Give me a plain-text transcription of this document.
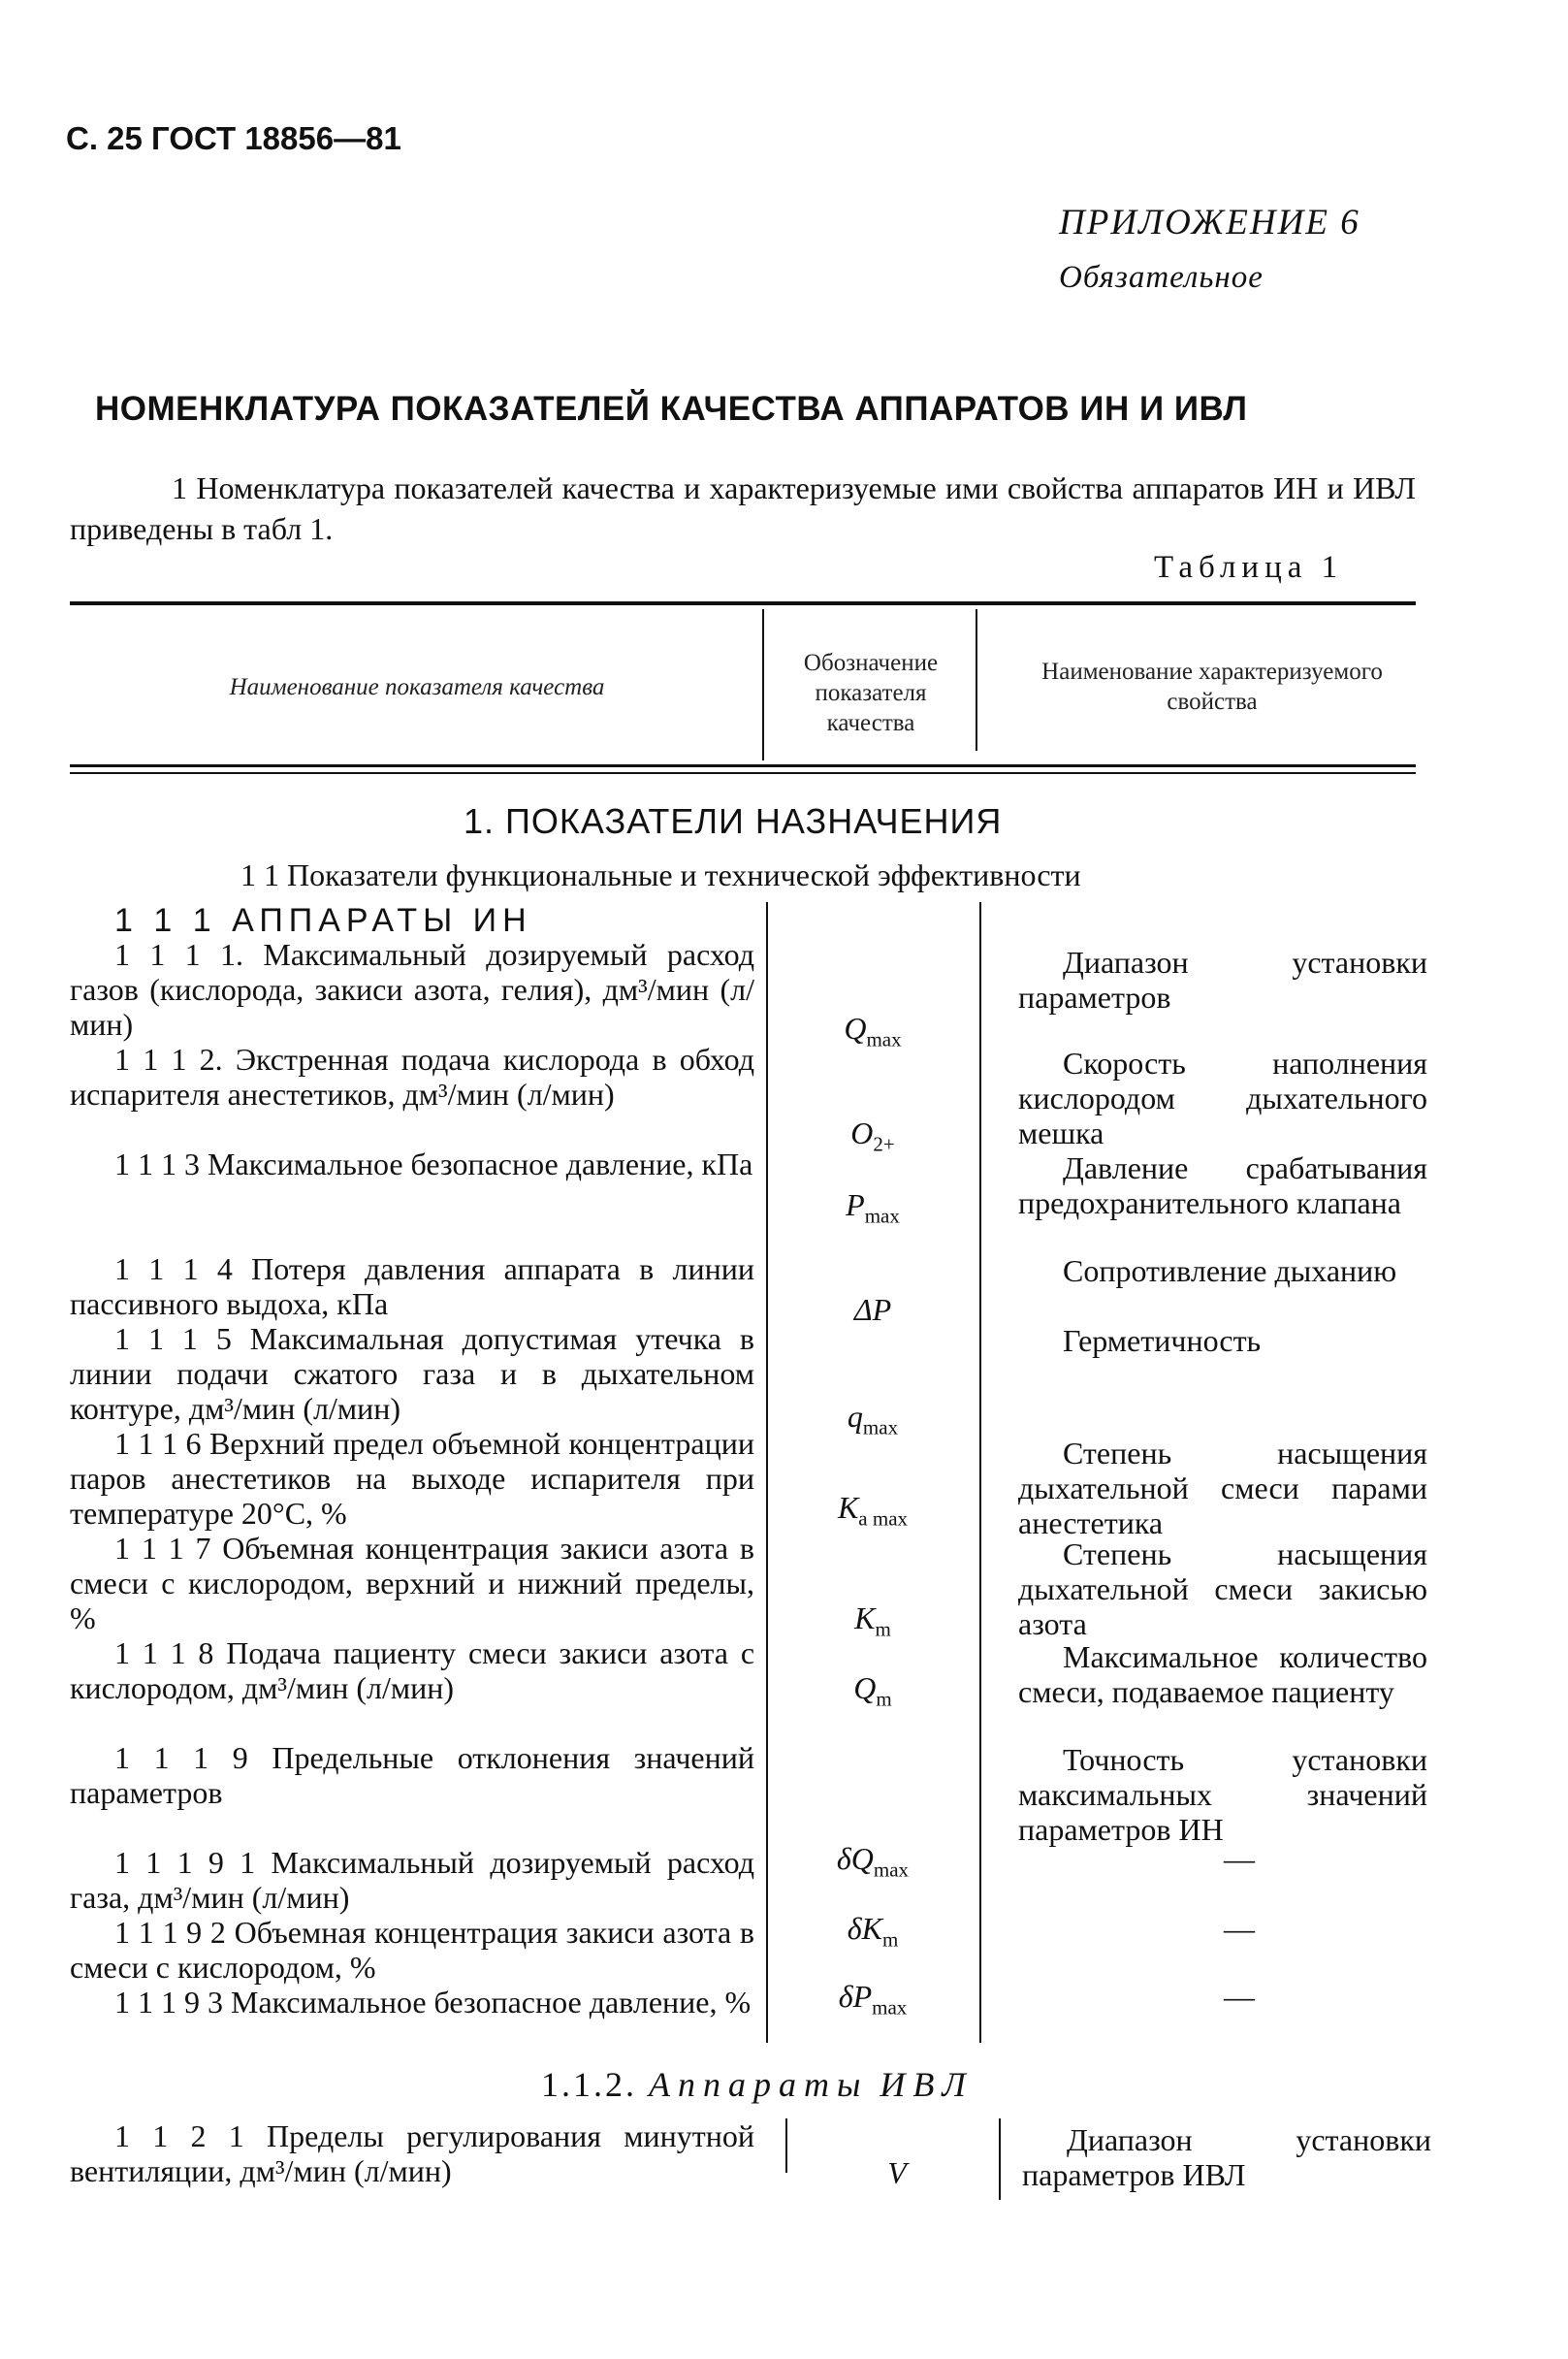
С. 25 ГОСТ 18856—81
ПРИЛОЖЕНИЕ 6
Обязательное
НОМЕНКЛАТУРА ПОКАЗАТЕЛЕЙ КАЧЕСТВА АППАРАТОВ ИН И ИВЛ
1 Номенклатура показателей качества и характеризуемые ими свойства аппаратов ИН и ИВЛ приведены в табл 1.
Таблица 1
Наименование показателя качества
Обозначение показателя качества
Наименование характеризуемого свойства
1. ПОКАЗАТЕЛИ НАЗНАЧЕНИЯ
1 1 Показатели функциональные и технической эффективности
1 1 1 АППАРАТЫ ИН
1 1 1 1. Максимальный дозируемый расход газов (кислорода, закиси азота, гелия), дм³/мин (л/мин)
1 1 1 2. Экстренная подача кислорода в обход испарителя анестетиков, дм³/мин (л/мин)
1 1 1 3 Максимальное безопасное давление, кПа
1 1 1 4 Потеря давления аппарата в линии пассивного выдоха, кПа
1 1 1 5 Максимальная допустимая утечка в линии подачи сжатого газа и в дыхательном контуре, дм³/мин (л/мин)
1 1 1 6 Верхний предел объемной концентрации паров анестетиков на выходе испарителя при температуре 20°С, %
1 1 1 7 Объемная концентрация закиси азота в смеси с кислородом, верхний и нижний пределы, %
1 1 1 8 Подача пациенту смеси закиси азота с кислородом, дм³/мин (л/мин)
1 1 1 9 Предельные отклонения значений параметров
1 1 1 9 1 Максимальный дозируемый расход газа, дм³/мин (л/мин)
1 1 1 9 2 Объемная концентрация закиси азота в смеси с кислородом, %
1 1 1 9 3 Максимальное безопасное давление, %
$Q_{max}$
$O_{2+}$
$P_{max}$
ΔP
$q_{max}$
$K_{a max}$
$K_m$
$Q_m$
$\delta Q_{max}$
$\delta K_m$
$\delta P_{max}$
Диапазон установки параметров
Скорость наполнения кислородом дыхательного мешка
Давление срабатывания предохранительного клапана
Сопротивление дыханию
Герметичность
Степень насыщения дыхательной смеси парами анестетика
Степень насыщения дыхательной смеси закисью азота
Максимальное количество смеси, подаваемое пациенту
Точность установки максимальных значений параметров ИН
—
—
—
1.1.2. Аппараты ИВЛ
1 1 2 1 Пределы регулирования минутной вентиляции, дм³/мин (л/мин)	V
Диапазон установки параметров ИВЛ
